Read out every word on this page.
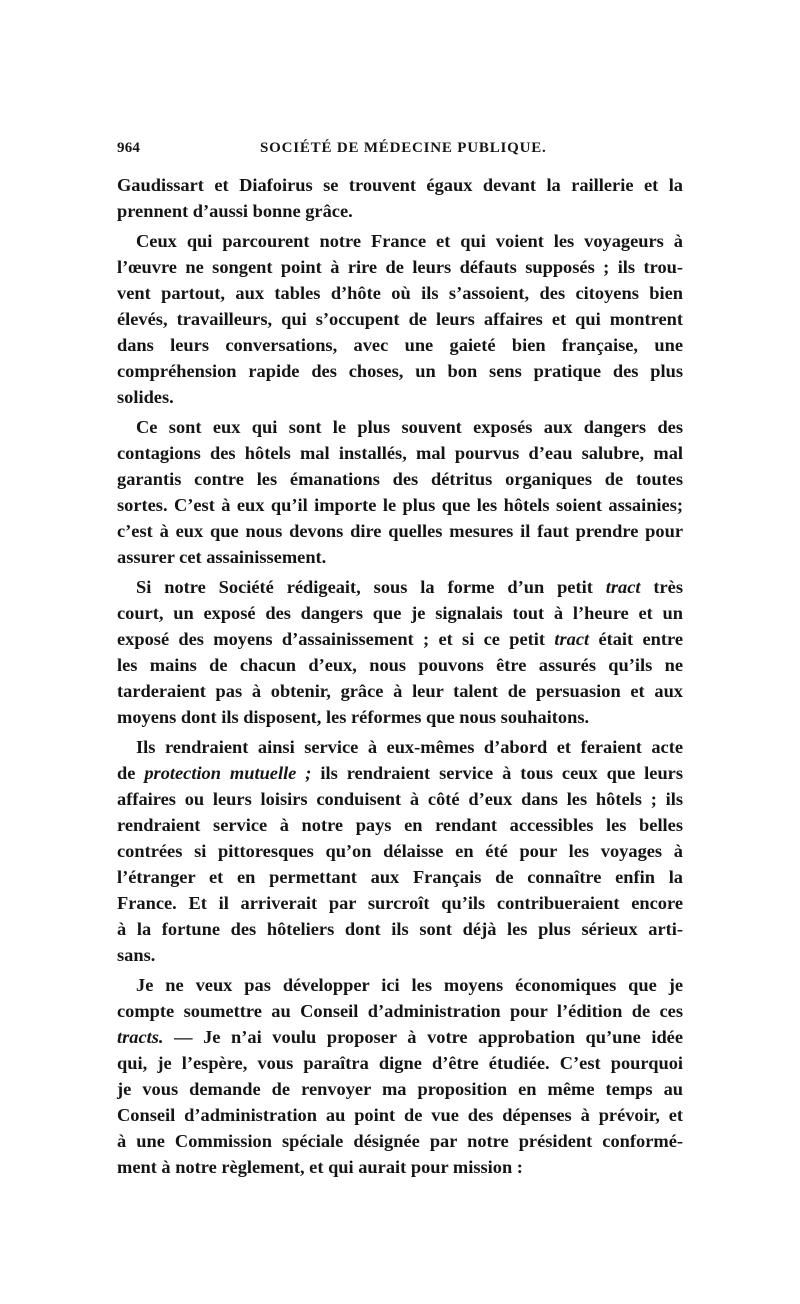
964	SOCIÉTÉ DE MÉDECINE PUBLIQUE.

Gaudissart et Diafoirus se trouvent égaux devant la raillerie et la
prennent d’aussi bonne grâce.

Ceux qui parcourent notre France et qui voient les voyageurs à
l’œuvre ne songent point à rire de leurs défauts supposés ; ils trou-
vent partout, aux tables d’hôte où ils s’assoient, des citoyens bien
élevés, travailleurs, qui s’occupent de leurs affaires et qui montrent
dans leurs conversations, avec une gaieté bien française, une
compréhension rapide des choses, un bon sens pratique des plus
solides.

Ce sont eux qui sont le plus souvent exposés aux dangers des
contagions des hôtels mal installés, mal pourvus d’eau salubre, mal
garantis contre les émanations des détritus organiques de toutes
sortes. C’est à eux qu’il importe le plus que les hôtels soient assainies;
c’est à eux que nous devons dire quelles mesures il faut prendre pour
assurer cet assainissement.

Si notre Société rédigeait, sous la forme d’un petit tract très
court, un exposé des dangers que je signalais tout à l’heure et un
exposé des moyens d’assainissement ; et si ce petit tract était entre
les mains de chacun d’eux, nous pouvons être assurés qu’ils ne
tarderaient pas à obtenir, grâce à leur talent de persuasion et aux
moyens dont ils disposent, les réformes que nous souhaitons.

Ils rendraient ainsi service à eux-mêmes d’abord et feraient acte
de protection mutuelle ; ils rendraient service à tous ceux que leurs
affaires ou leurs loisirs conduisent à côté d’eux dans les hôtels ; ils
rendraient service à notre pays en rendant accessibles les belles
contrées si pittoresques qu’on délaisse en été pour les voyages à
l’étranger et en permettant aux Français de connaître enfin la
France. Et il arriverait par surcroît qu’ils contribueraient encore
à la fortune des hôteliers dont ils sont déjà les plus sérieux arti-
sans.

Je ne veux pas développer ici les moyens économiques que je
compte soumettre au Conseil d’administration pour l’édition de ces
tracts. — Je n’ai voulu proposer à votre approbation qu’une idée
qui, je l’espère, vous paraîtra digne d’être étudiée. C’est pourquoi
je vous demande de renvoyer ma proposition en même temps au
Conseil d’administration au point de vue des dépenses à prévoir, et
à une Commission spéciale désignée par notre président conformé-
ment à notre règlement, et qui aurait pour mission :
